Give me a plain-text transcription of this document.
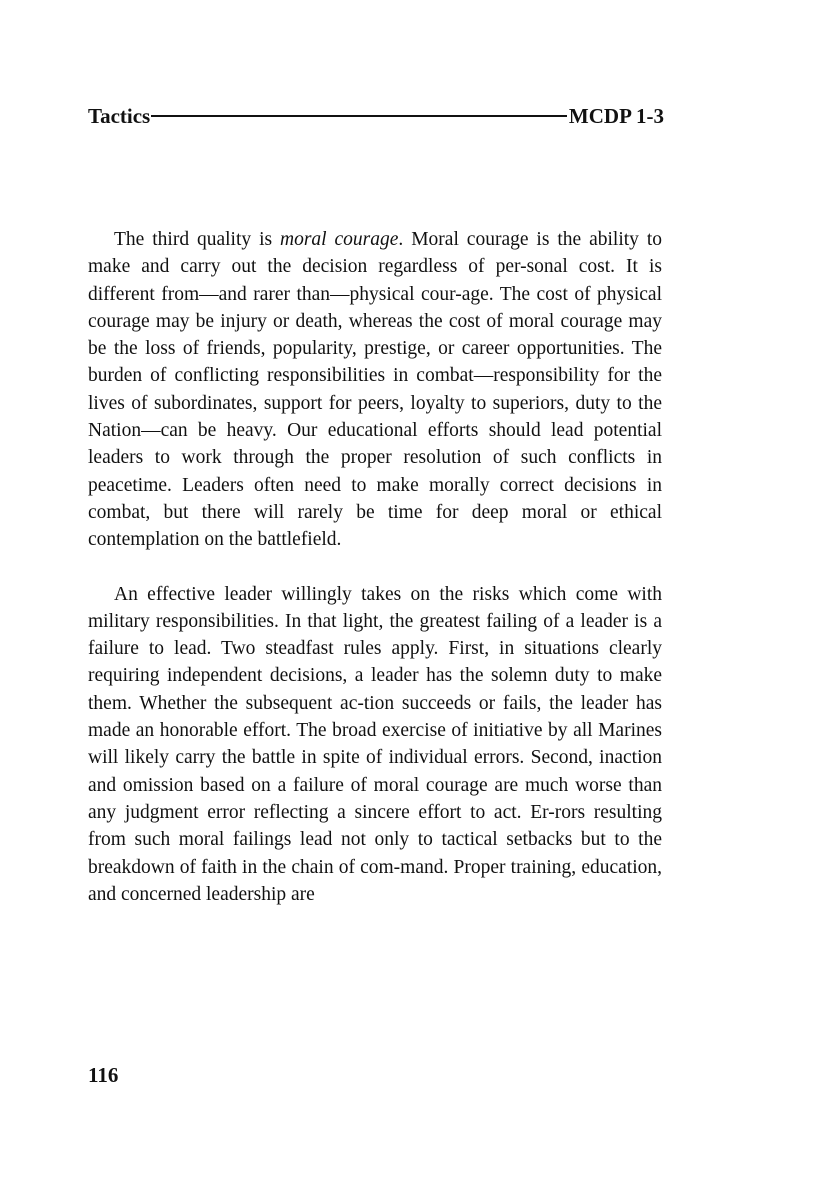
Tactics	MCDP 1-3

The third quality is moral courage. Moral courage is the ability to make and carry out the decision regardless of per-sonal cost. It is different from—and rarer than—physical cour-age. The cost of physical courage may be injury or death, whereas the cost of moral courage may be the loss of friends, popularity, prestige, or career opportunities. The burden of conflicting responsibilities in combat—responsibility for the lives of subordinates, support for peers, loyalty to superiors, duty to the Nation—can be heavy. Our educational efforts should lead potential leaders to work through the proper resolution of such conflicts in peacetime. Leaders often need to make morally correct decisions in combat, but there will rarely be time for deep moral or ethical contemplation on the battlefield.

An effective leader willingly takes on the risks which come with military responsibilities. In that light, the greatest failing of a leader is a failure to lead. Two steadfast rules apply. First, in situations clearly requiring independent decisions, a leader has the solemn duty to make them. Whether the subsequent ac-tion succeeds or fails, the leader has made an honorable effort. The broad exercise of initiative by all Marines will likely carry the battle in spite of individual errors. Second, inaction and omission based on a failure of moral courage are much worse than any judgment error reflecting a sincere effort to act. Er-rors resulting from such moral failings lead not only to tactical setbacks but to the breakdown of faith in the chain of com-mand. Proper training, education, and concerned leadership are

116
